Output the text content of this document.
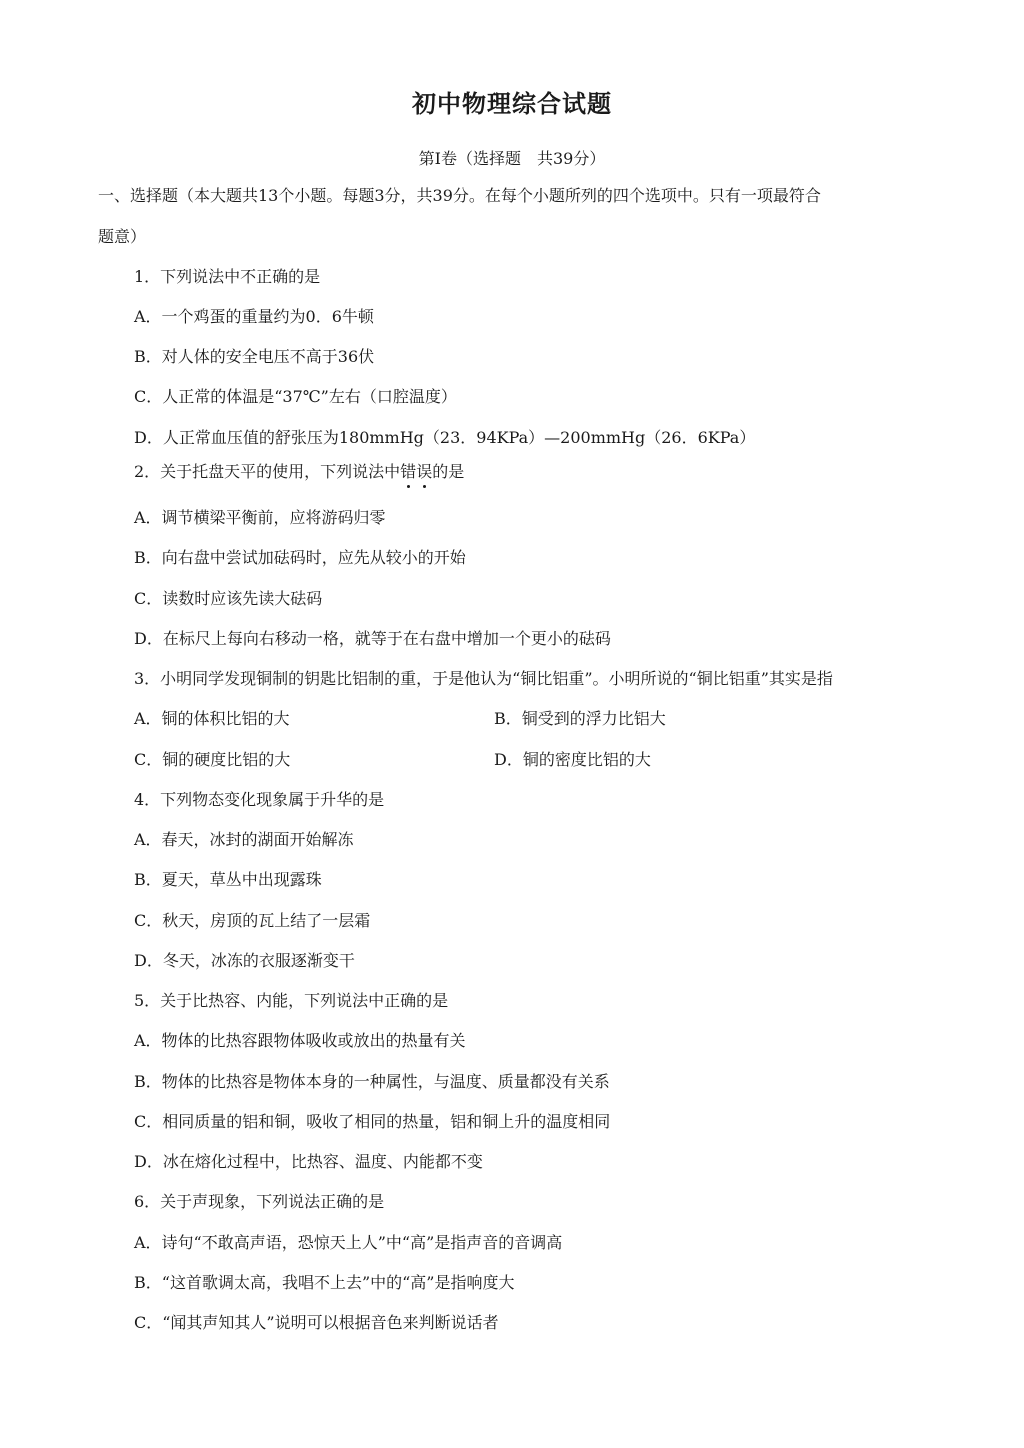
初中物理综合试题
第Ⅰ卷（选择题　共39分）
一、选择题（本大题共13个小题。每题3分，共39分。在每个小题所列的四个选项中。只有一项最符合
题意）
1．下列说法中不正确的是
A．一个鸡蛋的重量约为0．6牛顿
B．对人体的安全电压不高于36伏
C．人正常的体温是“37℃”左右（口腔温度）
D．人正常血压值的舒张压为180mmHg（23．94KPa）—200mmHg（26．6KPa）
2．关于托盘天平的使用，下列说法中错误的是
A．调节横梁平衡前，应将游码归零
B．向右盘中尝试加砝码时，应先从较小的开始
C．读数时应该先读大砝码
D．在标尺上每向右移动一格，就等于在右盘中增加一个更小的砝码
3．小明同学发现铜制的钥匙比铝制的重，于是他认为“铜比铝重”。小明所说的“铜比铝重”其实是指
A．铜的体积比铝的大	B．铜受到的浮力比铝大
C．铜的硬度比铝的大	D．铜的密度比铝的大
4．下列物态变化现象属于升华的是
A．春天，冰封的湖面开始解冻
B．夏天，草丛中出现露珠
C．秋天，房顶的瓦上结了一层霜
D．冬天，冰冻的衣服逐渐变干
5．关于比热容、内能，下列说法中正确的是
A．物体的比热容跟物体吸收或放出的热量有关
B．物体的比热容是物体本身的一种属性，与温度、质量都没有关系
C．相同质量的铝和铜，吸收了相同的热量，铝和铜上升的温度相同
D．冰在熔化过程中，比热容、温度、内能都不变
6．关于声现象，下列说法正确的是
A．诗句“不敢高声语，恐惊天上人”中“高”是指声音的音调高
B．“这首歌调太高，我唱不上去”中的“高”是指响度大
C．“闻其声知其人”说明可以根据音色来判断说话者
